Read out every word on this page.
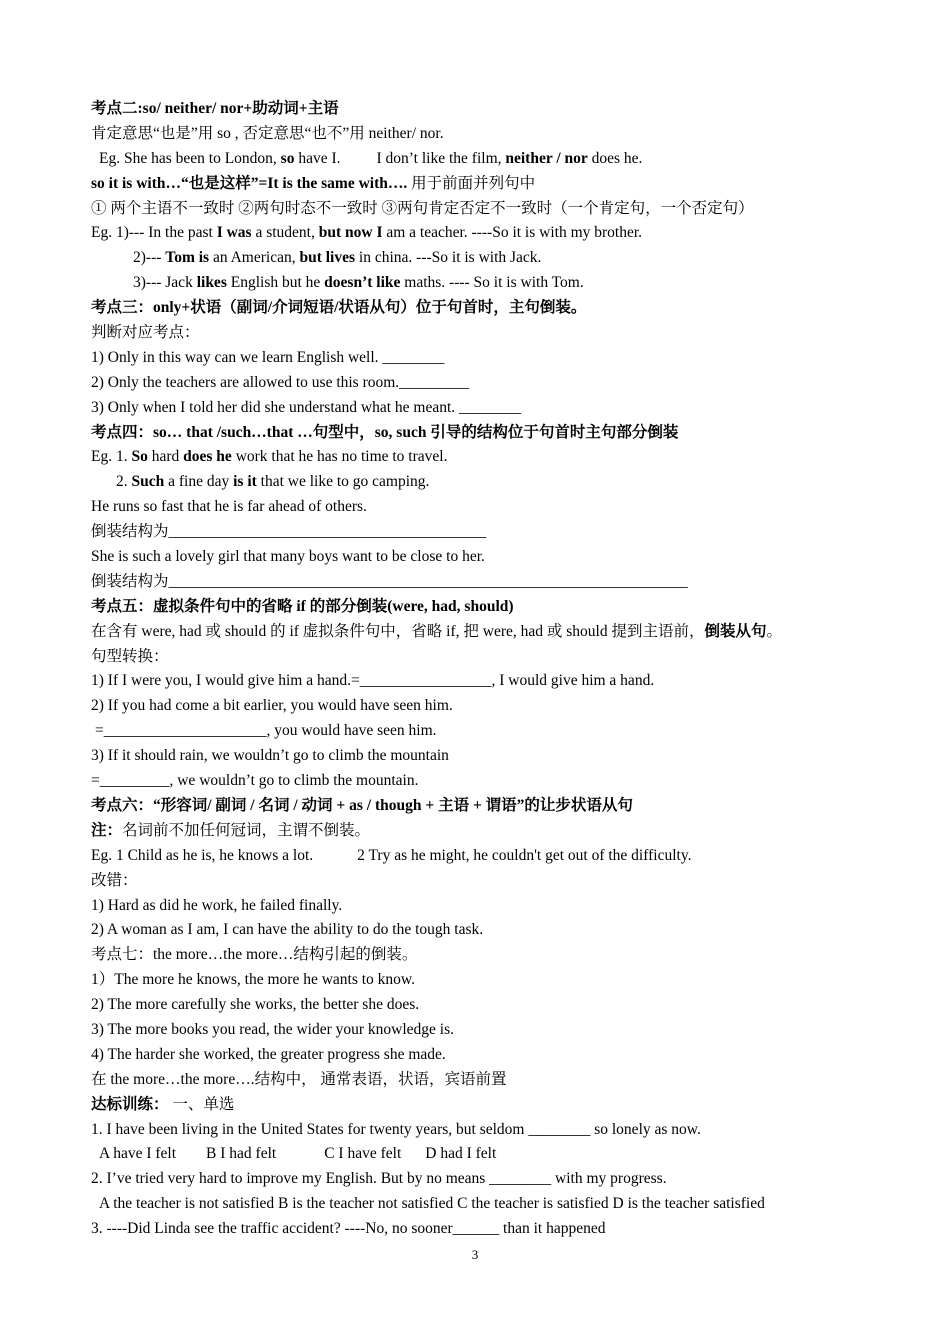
考点二:so/ neither/ nor+助动词+主语
肯定意思“也是”用 so , 否定意思“也不”用 neither/ nor.
Eg. She has been to London, so have I. I don’t like the film, neither / nor does he.
so it is with…“也是这样”=It is the same with…. 用于前面并列句中
① 两个主语不一致时 ②两句时态不一致时 ③两句肯定否定不一致时（一个肯定句，一个否定句）
Eg. 1)--- In the past I was a student, but now I am a teacher. ----So it is with my brother.
2)--- Tom is an American, but lives in china. ---So it is with Jack.
3)--- Jack likes English but he doesn’t like maths. ---- So it is with Tom.
考点三：only+状语（副词/介词短语/状语从句）位于句首时，主句倒装。
判断对应考点：
1) Only in this way can we learn English well. ________
2) Only the teachers are allowed to use this room._________
3) Only when I told her did she understand what he meant. ________
考点四：so… that /such…that …句型中，so, such 引导的结构位于句首时主句部分倒装
Eg. 1. So hard does he work that he has no time to travel.
2. Such a fine day is it that we like to go camping.
He runs so fast that he is far ahead of others.
倒装结构为_________________________________________
She is such a lovely girl that many boys want to be close to her.
倒装结构为___________________________________________________________________
考点五：虚拟条件句中的省略 if 的部分倒装(were, had, should)
在含有 were, had 或 should 的 if 虚拟条件句中，省略 if, 把 were, had 或 should 提到主语前，倒装从句。
句型转换：
1) If I were you, I would give him a hand.=_________________, I would give him a hand.
2) If you had come a bit earlier, you would have seen him.
=_____________________, you would have seen him.
3) If it should rain, we wouldn’t go to climb the mountain
=_________, we wouldn’t go to climb the mountain.
考点六：“形容词/ 副词 / 名词 / 动词 + as / though + 主语 + 谓语”的让步状语从句
注：名词前不加任何冠词，主谓不倒装。
Eg. 1 Child as he is, he knows a lot.	2 Try as he might, he couldn't get out of the difficulty.
改错：
1) Hard as did he work, he failed finally.
2) A woman as I am, I can have the ability to do the tough task.
考点七：the more…the more…结构引起的倒装。
1）The more he knows, the more he wants to know.
2) The more carefully she works, the better she does.
3) The more books you read, the wider your knowledge is.
4) The harder she worked, the greater progress she made.
在 the more…the more….结构中， 通常表语，状语，宾语前置
达标训练： 一、单选
1. I have been living in the United States for twenty years, but seldom ________ so lonely as now.
A have I felt B I had felt	C I have felt D had I felt
2. I’ve tried very hard to improve my English. But by no means ________ with my progress.
A the teacher is not satisfied B is the teacher not satisfied C the teacher is satisfied D is the teacher satisfied
3. ----Did Linda see the traffic accident? ----No, no sooner______ than it happened
3
